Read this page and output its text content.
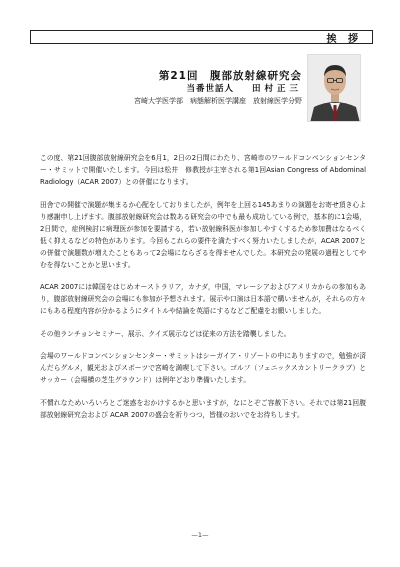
挨 拶
第21回　腹部放射線研究会
当番世話人 田村正三
宮崎大学医学部　病態解析医学講座　放射線医学分野

この度、第21回腹部放射線研究会を6月1，2日の2日間にわたり、宮崎市のワールドコンベンションセンター・サミットで開催いたします。今回は松井　修教授が主宰される第1回Asian Congress of Abdominal Radiology（ACAR 2007）との併催になります。

田舎での開催で演題が集まるか心配をしておりましたが，例年を上回る145あまりの演題をお寄せ頂き心より感謝申し上げます。腹部放射線研究会は数ある研究会の中でも最も成功している例で，基本的に1会場，2日間で，症例検討に病理医が参加を要請する，若い放射線科医が参加しやすくするため参加費はなるべく低く抑えるなどの特色があります。今回もこれらの要件を満たすべく努力いたしましたが，ACAR 2007との併催で演題数が増えたこともあって2会場にならざるを得ませんでした。本研究会の発展の過程としてやむを得ないことかと思います。

ACAR 2007には韓国をはじめオーストラリア，カナダ，中国，マレーシアおよびアメリカからの参加もあり，腹部放射線研究会の会場にも参加が予想されます。展示や口演は日本語で構いませんが，それらの方々にもある程度内容が分かるようにタイトルや結論を英語にするなどご配慮をお願いしました。

その他ランチョンセミナー、展示、クイズ展示などは従来の方法を踏襲しました。

会場のワールドコンベンションセンター・サミットはシーガイア・リゾートの中にありますので，勉強が済んだらグルメ，観光およびスポーツで宮崎を満喫して下さい。ゴルフ（フェニックスカントリークラブ）とサッカー（会場横の芝生グラウンド）は例年どおり準備いたします。

不慣れなためいろいろとご迷惑をおかけするかと思いますが，なにとぞご容赦下さい。それでは第21回腹部放射線研究会および ACAR 2007の盛会を祈りつつ，皆様のおいでをお待ちします。

—1—
